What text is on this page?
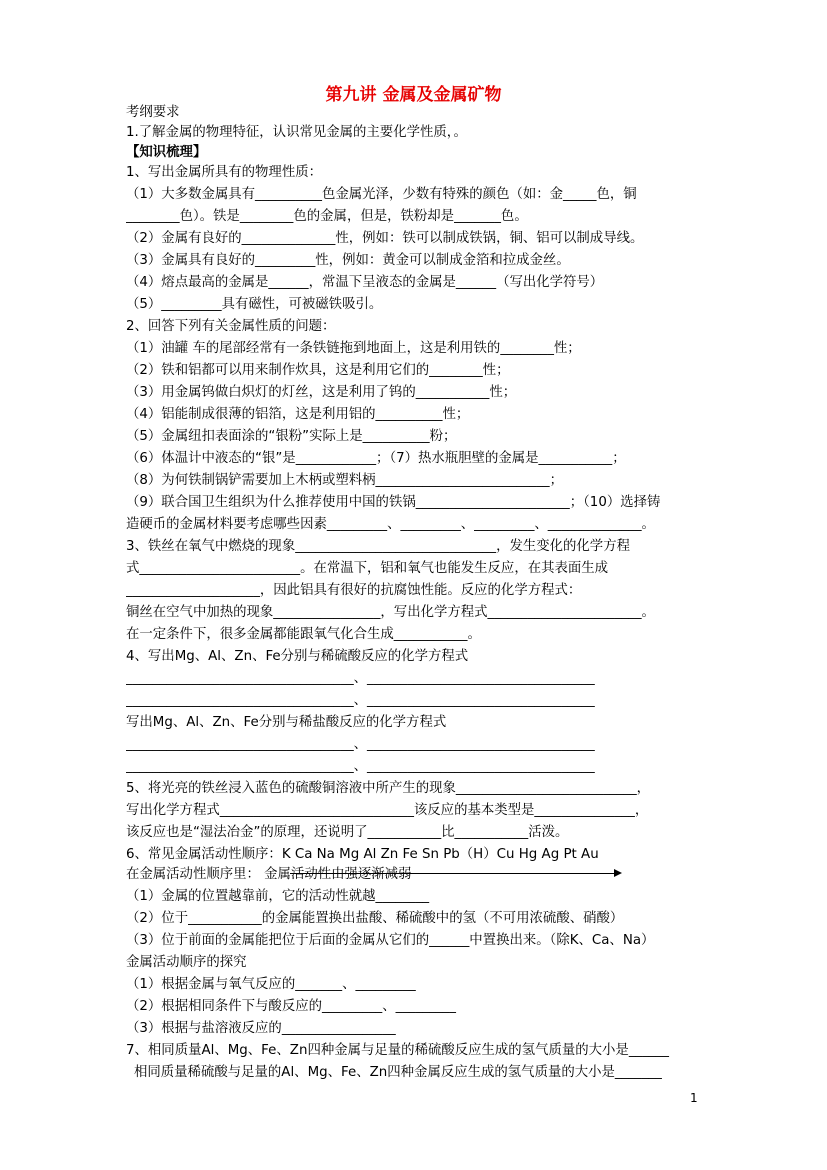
第九讲 金属及金属矿物
考纲要求
1.了解金属的物理特征，认识常见金属的主要化学性质，。
【知识梳理】
1、写出金属所具有的物理性质：
（1）大多数金属具有__________色金属光泽，少数有特殊的颜色（如：金_____色，铜
________色）。铁是________色的金属，但是，铁粉却是_______色。
（2）金属有良好的______________性，例如：铁可以制成铁锅，铜、铝可以制成导线。
（3）金属具有良好的_________性，例如：黄金可以制成金箔和拉成金丝。
（4）熔点最高的金属是______，常温下呈液态的金属是______（写出化学符号）
（5）_________具有磁性，可被磁铁吸引。
2、回答下列有关金属性质的问题：
（1）油罐 车的尾部经常有一条铁链拖到地面上，这是利用铁的________性；
（2）铁和铝都可以用来制作炊具，这是利用它们的________性；
（3）用金属钨做白炽灯的灯丝，这是利用了钨的___________性；
（4）铝能制成很薄的铝箔，这是利用铝的__________性；
（5）金属纽扣表面涂的“银粉”实际上是__________粉；
（6）体温计中液态的“银”是____________；（7）热水瓶胆壁的金属是___________；
（8）为何铁制锅铲需要加上木柄或塑料柄__________________________；
（9）联合国卫生组织为什么推荐使用中国的铁锅_______________________；（10）选择铸
造硬币的金属材料要考虑哪些因素_________、_________、_________、______________。
3、铁丝在氧气中燃烧的现象______________________________，发生变化的化学方程
式________________________。在常温下，铝和氧气也能发生反应，在其表面生成
____________________，因此铝具有很好的抗腐蚀性能。反应的化学方程式：
铜丝在空气中加热的现象________________，写出化学方程式_______________________。
在一定条件下，很多金属都能跟氧气化合生成___________。
4、写出Mg、Al、Zn、Fe分别与稀硫酸反应的化学方程式
__________________________________、__________________________________
__________________________________、__________________________________
写出Mg、Al、Zn、Fe分别与稀盐酸反应的化学方程式
__________________________________、__________________________________
__________________________________、__________________________________
5、将光亮的铁丝浸入蓝色的硫酸铜溶液中所产生的现象___________________________，
写出化学方程式_____________________________该反应的基本类型是_______________，
该反应也是“湿法冶金”的原理，还说明了___________比___________活泼。
6、常见金属活动性顺序：K Ca Na Mg Al Zn Fe Sn Pb（H）Cu Hg Ag Pt Au
在金属活动性顺序里： 金属活动性由强逐渐减弱
（1）金属的位置越靠前，它的活动性就越________
（2）位于___________的金属能置换出盐酸、稀硫酸中的氢（不可用浓硫酸、硝酸）
（3）位于前面的金属能把位于后面的金属从它们的______中置换出来。（除K、Ca、Na）
金属活动顺序的探究
（1）根据金属与氧气反应的_______、_________
（2）根据相同条件下与酸反应的_________、_________
（3）根据与盐溶液反应的_________________
7、相同质量Al、Mg、Fe、Zn四种金属与足量的稀硫酸反应生成的氢气质量的大小是______
相同质量稀硫酸与足量的Al、Mg、Fe、Zn四种金属反应生成的氢气质量的大小是_______
1
